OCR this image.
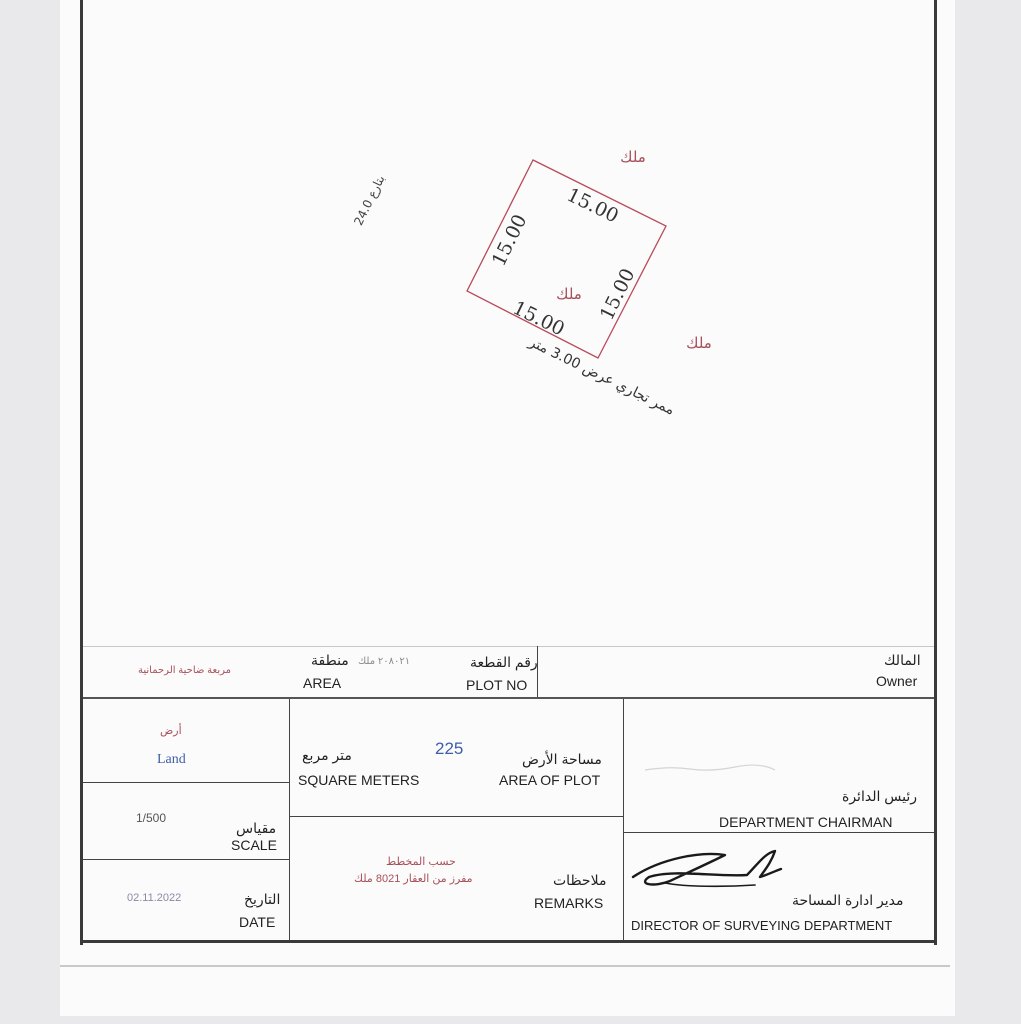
15.00
15.00
15.00
15.00
ملك
ملك
ملك
بتارع 24.0
ممر تجاري عرض 3.00 متر
مربعة ضاحية الرحمانية
منطقة
AREA
٢٠٨٠٢١ ملك	رقم القطعة
PLOT NO
المالك
Owner
أرض
Land
1/500
مقياس
SCALE
02.11.2022	التاريخ
DATE
225
متر مربع
SQUARE METERS
مساحة الأرض
AREA OF PLOT
حسب المخطط
مفرز من العقار 8021 ملك	ملاحظات
REMARKS
رئيس الدائرة
DEPARTMENT CHAIRMAN
مدير ادارة المساحة
DIRECTOR OF SURVEYING DEPARTMENT
